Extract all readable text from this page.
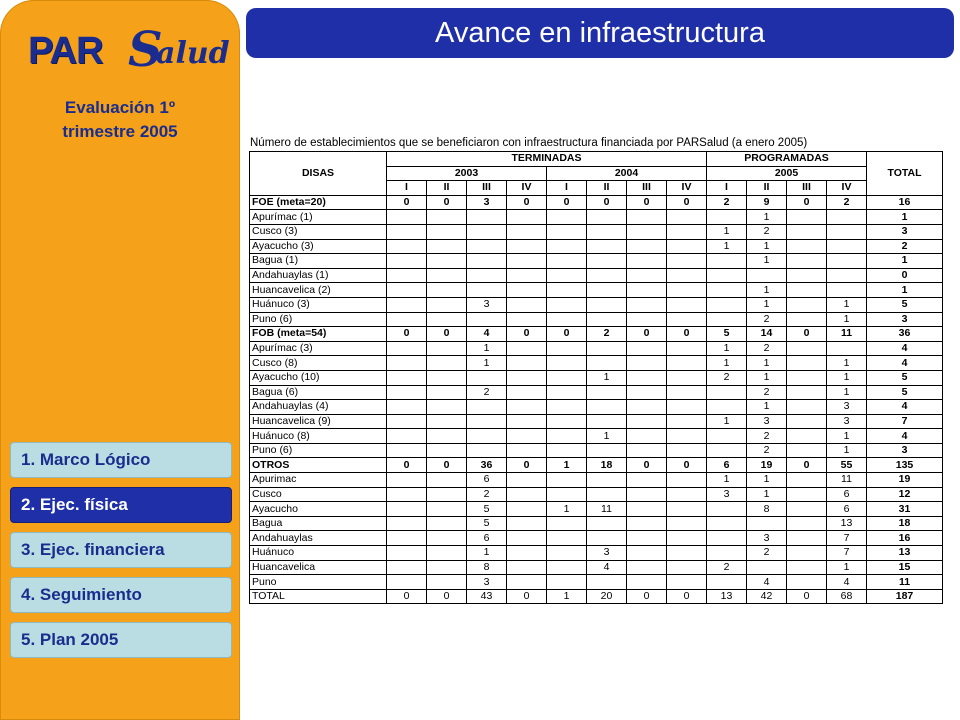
PAR S
alud
Evaluación 1º
trimestre 2005
1. Marco Lógico
2. Ejec. física
3. Ejec. financiera
4. Seguimiento
5. Plan 2005
Avance en infraestructura
Número de establecimientos que se beneficiaron con infraestructura financiada por PARSalud (a enero 2005)
DISAS	TERMINADAS								PROGRAMADAS				TOTAL
	2003				2004				2005				
	I	II	III	IV	I	II	III	IV	I	II	III	IV	
FOE (meta=20)	0	0	3	0	0	0	0	0	2	9	0	2	16
Apurímac (1)										1			1
Cusco (3)									1	2			3
Ayacucho (3)									1	1			2
Bagua (1)										1			1
Andahuaylas (1)													0
Huancavelica (2)										1			1
Huánuco (3)			3							1		1	5
Puno (6)										2		1	3
FOB (meta=54)	0	0	4	0	0	2	0	0	5	14	0	11	36
Apurímac (3)			1						1	2			4
Cusco (8)			1						1	1		1	4
Ayacucho (10)						1			2	1		1	5
Bagua (6)			2							2		1	5
Andahuaylas (4)										1		3	4
Huancavelica (9)									1	3		3	7
Huánuco (8)						1				2		1	4
Puno (6)										2		1	3
OTROS	0	0	36	0	1	18	0	0	6	19	0	55	135
Apurimac			6						1	1		11	19
Cusco			2						3	1		6	12
Ayacucho			5		1	11				8		6	31
Bagua			5									13	18
Andahuaylas			6							3		7	16
Huánuco			1			3				2		7	13
Huancavelica			8			4			2			1	15
Puno			3							4		4	11
TOTAL	0	0	43	0	1	20	0	0	13	42	0	68	187
